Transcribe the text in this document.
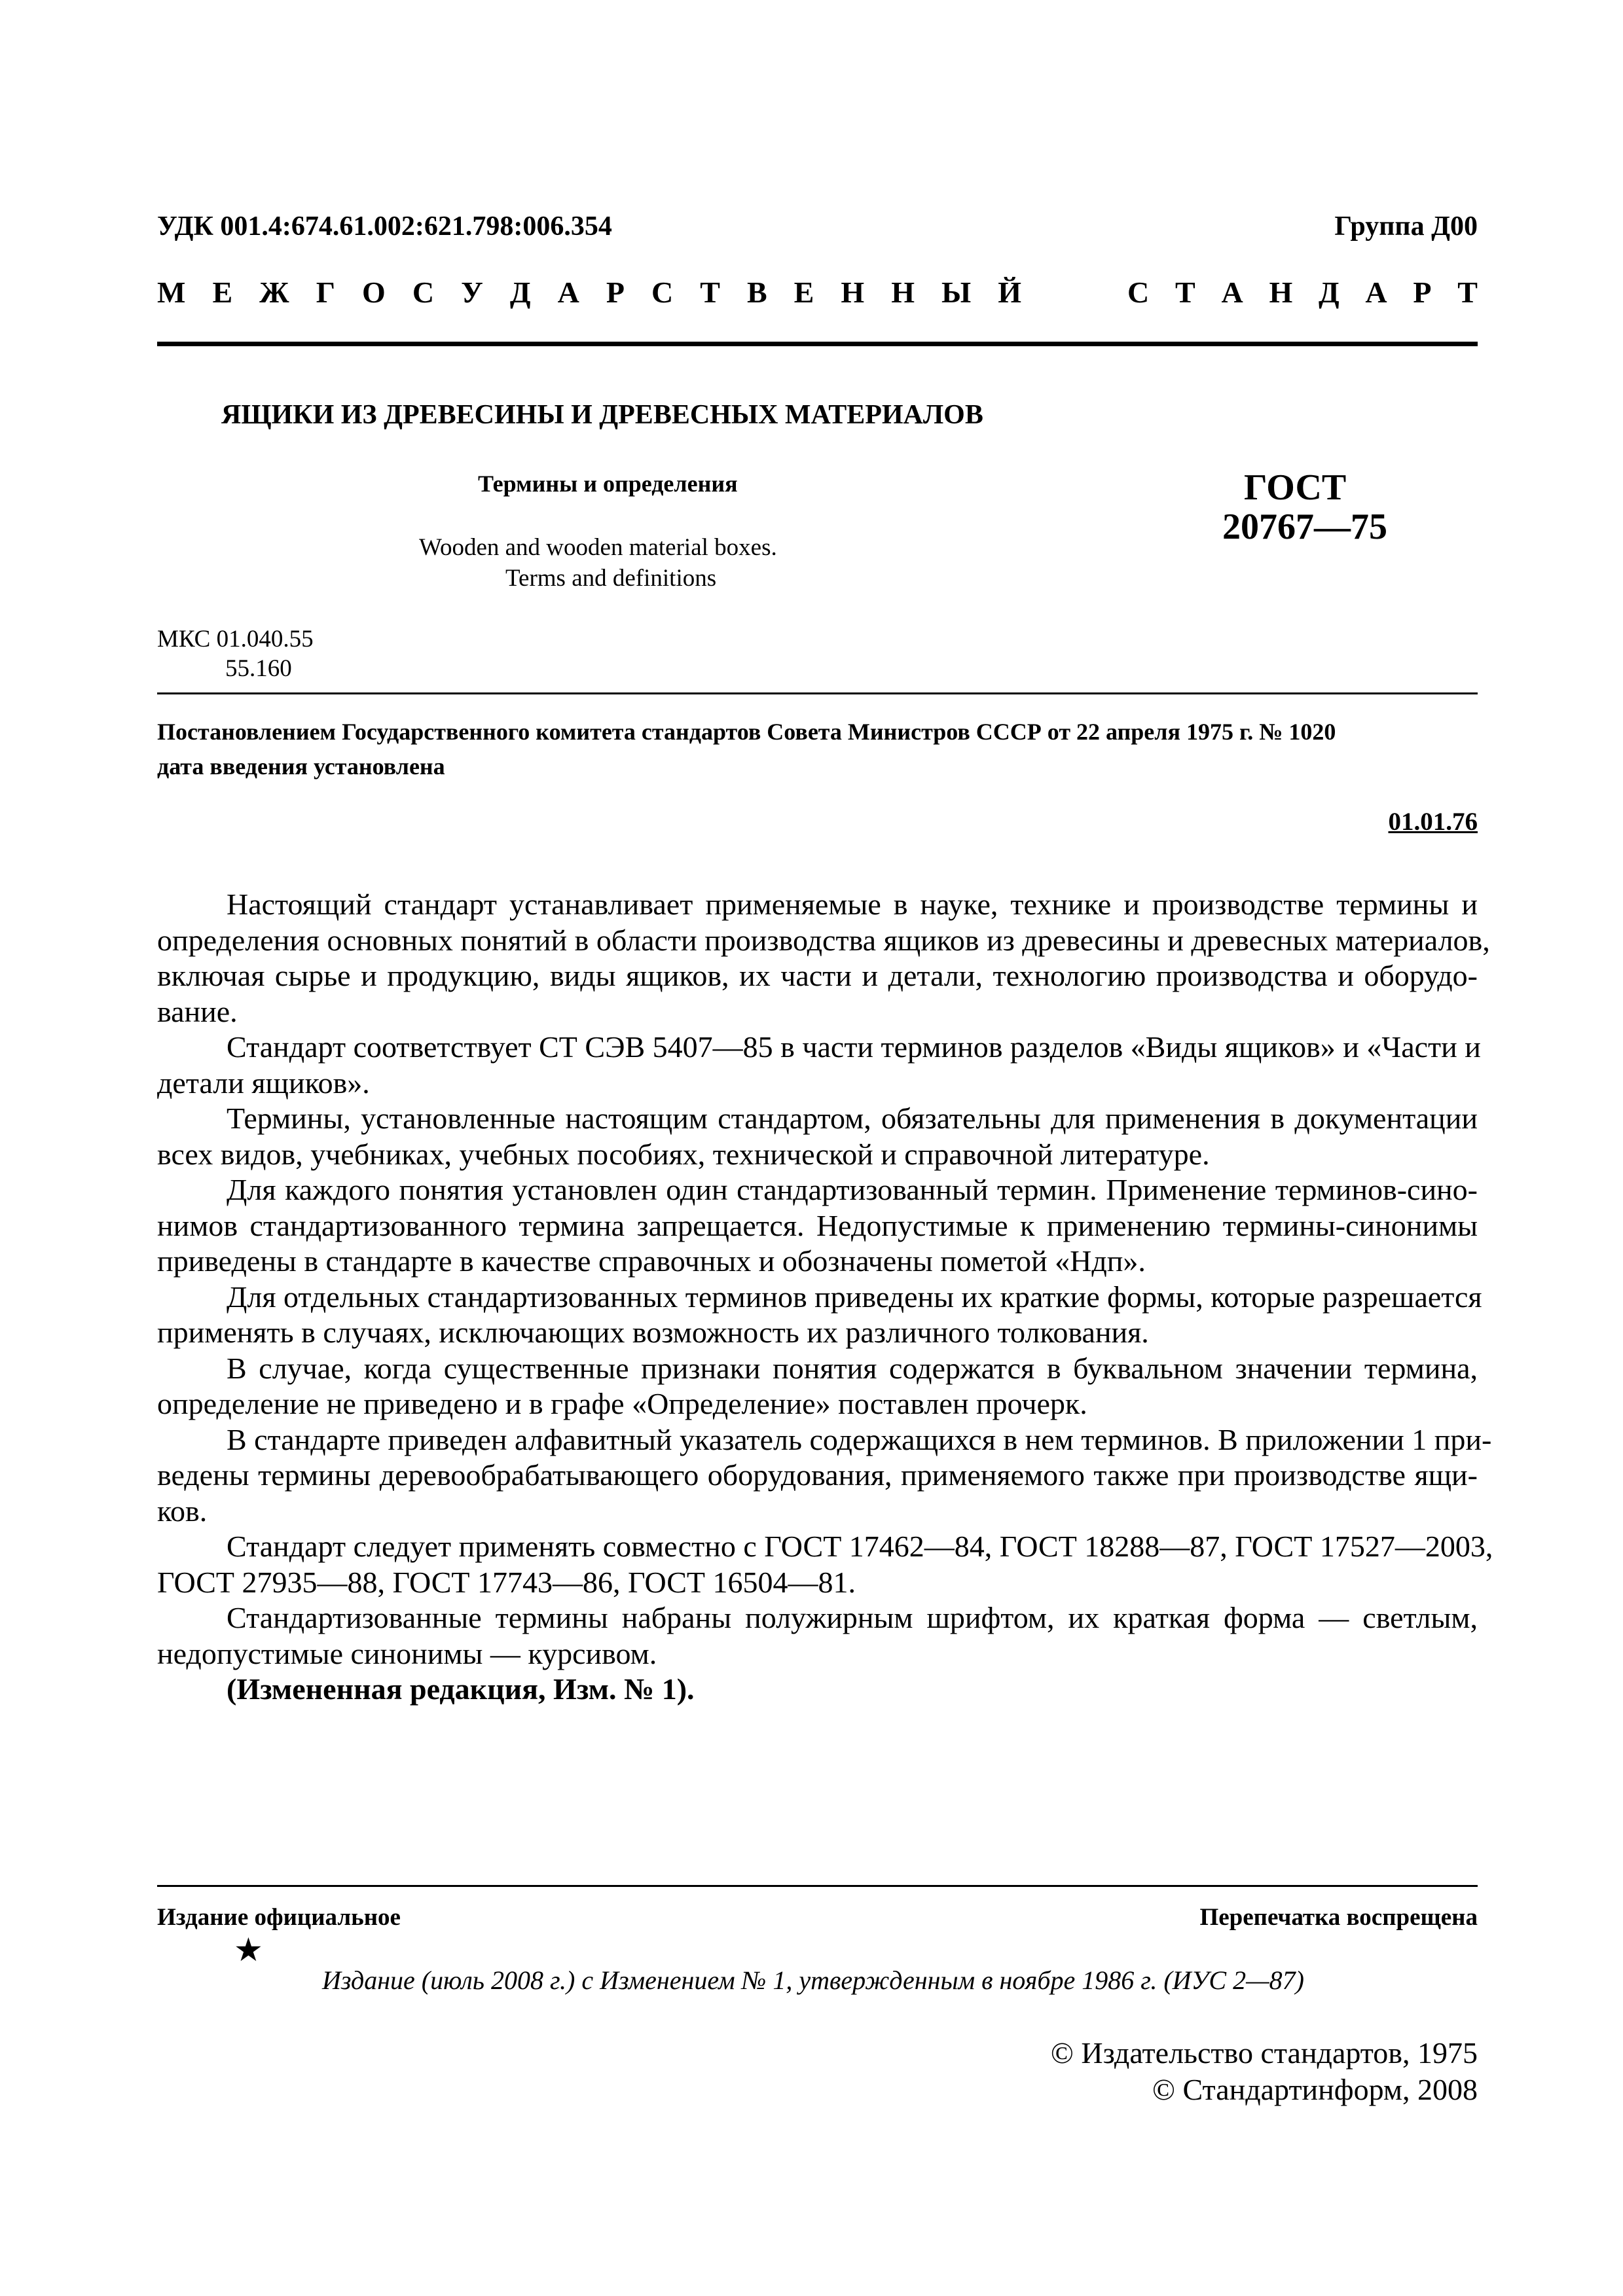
УДК 001.4:674.61.002:621.798:006.354	Группа Д00

М Е Ж Г О С У Д А Р С Т В Е Н Н Ы Й	С Т А Н Д А Р Т

ЯЩИКИ ИЗ ДРЕВЕСИНЫ И ДРЕВЕСНЫХ МАТЕРИАЛОВ

Термины и определения

Wooden and wooden material boxes.

Terms and definitions

ГОСТ

20767—75

МКС 01.040.55

55.160

Постановлением Государственного комитета стандартов Совета Министров СССР от 22 апреля 1975 г. № 1020

дата введения установлена

01.01.76

Настоящий стандарт устанавливает применяемые в науке, технике и производстве термины и
определения основных понятий в области производства ящиков из древесины и древесных материалов,
включая сырье и продукцию, виды ящиков, их части и детали, технологию производства и оборудо-
вание.
Стандарт соответствует СТ СЭВ 5407—85 в части терминов разделов «Виды ящиков» и «Части и
детали ящиков».
Термины, установленные настоящим стандартом, обязательны для применения в документации
всех видов, учебниках, учебных пособиях, технической и справочной литературе.
Для каждого понятия установлен один стандартизованный термин. Применение терминов-сино-
нимов стандартизованного термина запрещается. Недопустимые к применению термины-синонимы
приведены в стандарте в качестве справочных и обозначены пометой «Ндп».
Для отдельных стандартизованных терминов приведены их краткие формы, которые разрешается
применять в случаях, исключающих возможность их различного толкования.
В случае, когда существенные признаки понятия содержатся в буквальном значении термина,
определение не приведено и в графе «Определение» поставлен прочерк.
В стандарте приведен алфавитный указатель содержащихся в нем терминов. В приложении 1 при-
ведены термины деревообрабатывающего оборудования, применяемого также при производстве ящи-
ков.
Стандарт следует применять совместно с ГОСТ 17462—84, ГОСТ 18288—87, ГОСТ 17527—2003,
ГОСТ 27935—88, ГОСТ 17743—86, ГОСТ 16504—81.
Стандартизованные термины набраны полужирным шрифтом, их краткая форма — светлым,
недопустимые синонимы — курсивом.
(Измененная редакция, Изм. № 1).

Издание официальное

★

Перепечатка воспрещена

Издание (июль 2008 г.) с Изменением № 1, утвержденным в ноябре 1986 г. (ИУС 2—87)

© Издательство стандартов, 1975

© Стандартинформ, 2008
